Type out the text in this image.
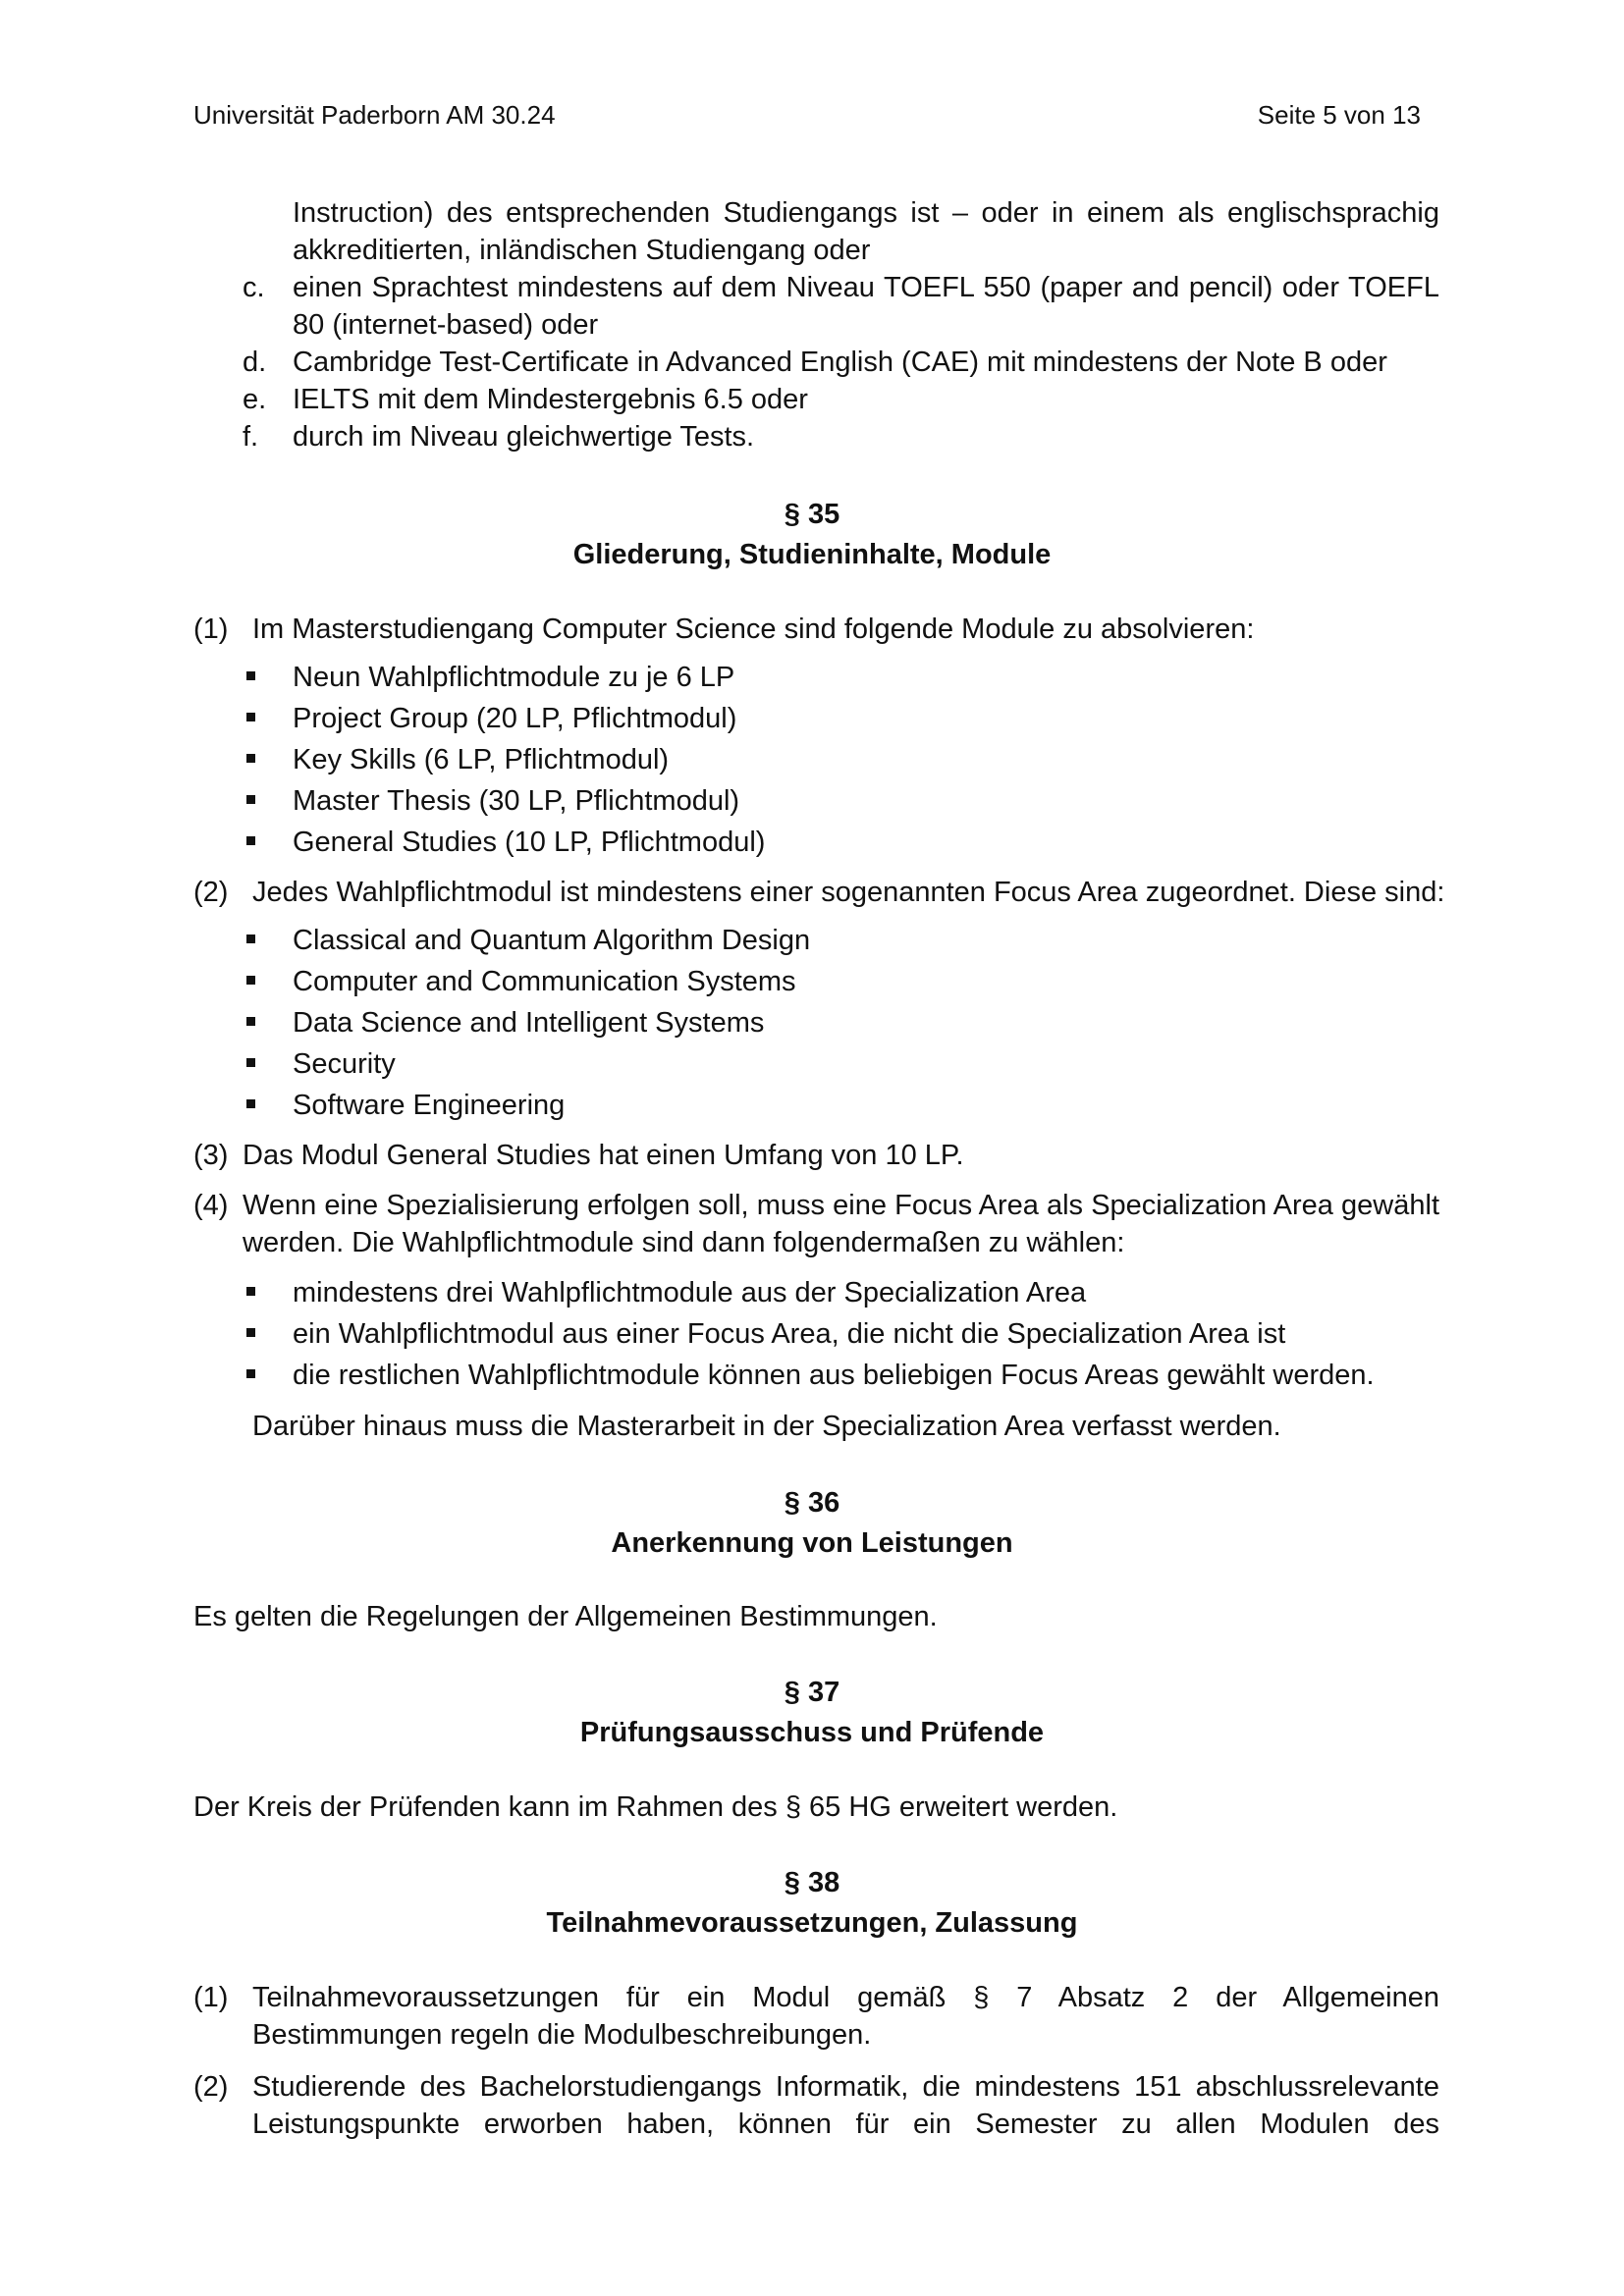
Universität Paderborn AM 30.24	Seite 5 von 13
Instruction) des entsprechenden Studiengangs ist – oder in einem als englischsprachig akkreditierten, inländischen Studiengang oder
c. einen Sprachtest mindestens auf dem Niveau TOEFL 550 (paper and pencil) oder TOEFL 80 (internet-based) oder
d. Cambridge Test-Certificate in Advanced English (CAE) mit mindestens der Note B oder
e. IELTS mit dem Mindestergebnis 6.5 oder
f. durch im Niveau gleichwertige Tests.
§ 35
Gliederung, Studieninhalte, Module
(1) Im Masterstudiengang Computer Science sind folgende Module zu absolvieren:
Neun Wahlpflichtmodule zu je 6 LP
Project Group (20 LP, Pflichtmodul)
Key Skills (6 LP, Pflichtmodul)
Master Thesis (30 LP, Pflichtmodul)
General Studies (10 LP, Pflichtmodul)
(2) Jedes Wahlpflichtmodul ist mindestens einer sogenannten Focus Area zugeordnet. Diese sind:
Classical and Quantum Algorithm Design
Computer and Communication Systems
Data Science and Intelligent Systems
Security
Software Engineering
(3) Das Modul General Studies hat einen Umfang von 10 LP.
(4) Wenn eine Spezialisierung erfolgen soll, muss eine Focus Area als Specialization Area gewählt werden. Die Wahlpflichtmodule sind dann folgendermaßen zu wählen:
mindestens drei Wahlpflichtmodule aus der Specialization Area
ein Wahlpflichtmodul aus einer Focus Area, die nicht die Specialization Area ist
die restlichen Wahlpflichtmodule können aus beliebigen Focus Areas gewählt werden.
Darüber hinaus muss die Masterarbeit in der Specialization Area verfasst werden.
§ 36
Anerkennung von Leistungen
Es gelten die Regelungen der Allgemeinen Bestimmungen.
§ 37
Prüfungsausschuss und Prüfende
Der Kreis der Prüfenden kann im Rahmen des § 65 HG erweitert werden.
§ 38
Teilnahmevoraussetzungen, Zulassung
(1) Teilnahmevoraussetzungen für ein Modul gemäß § 7 Absatz 2 der Allgemeinen Bestimmungen regeln die Modulbeschreibungen.
(2) Studierende des Bachelorstudiengangs Informatik, die mindestens 151 abschlussrelevante Leistungspunkte erworben haben, können für ein Semester zu allen Modulen des
